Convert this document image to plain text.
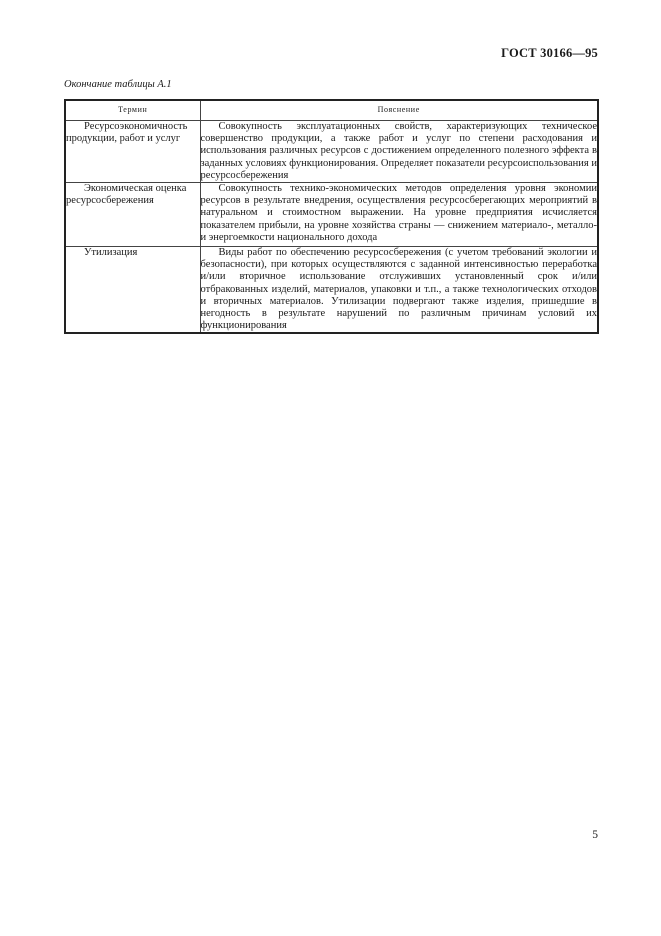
ГОСТ 30166—95
Окончание таблицы А.1
Термин	Пояснение

Ресурсоэкономичность продукции, работ и услуг	Совокупность эксплуатационных свойств, характеризующих техническое совершенство продукции, а также работ и услуг по степени расходования и использования различных ресурсов с достижением определенного полезного эффекта в заданных условиях функционирования. Определяет показатели ресурсоиспользования и ресурсосбережения

Экономическая оценка ресурсосбережения	Совокупность технико-экономических методов определения уровня экономии ресурсов в результате внедрения, осуществления ресурсосберегающих мероприятий в натуральном и стоимостном выражении. На уровне предприятия исчисляется показателем прибыли, на уровне хозяйства страны — снижением материало-, металло- и энергоемкости национального дохода

Утилизация	Виды работ по обеспечению ресурсосбережения (с учетом требований экологии и безопасности), при которых осуществляются с заданной интенсивностью переработка и/или вторичное использование отслуживших установленный срок и/или отбракованных изделий, материалов, упаковки и т.п., а также технологических отходов и вторичных материалов. Утилизации подвергают также изделия, пришедшие в негодность в результате нарушений по различным причинам условий их функционирования
5
